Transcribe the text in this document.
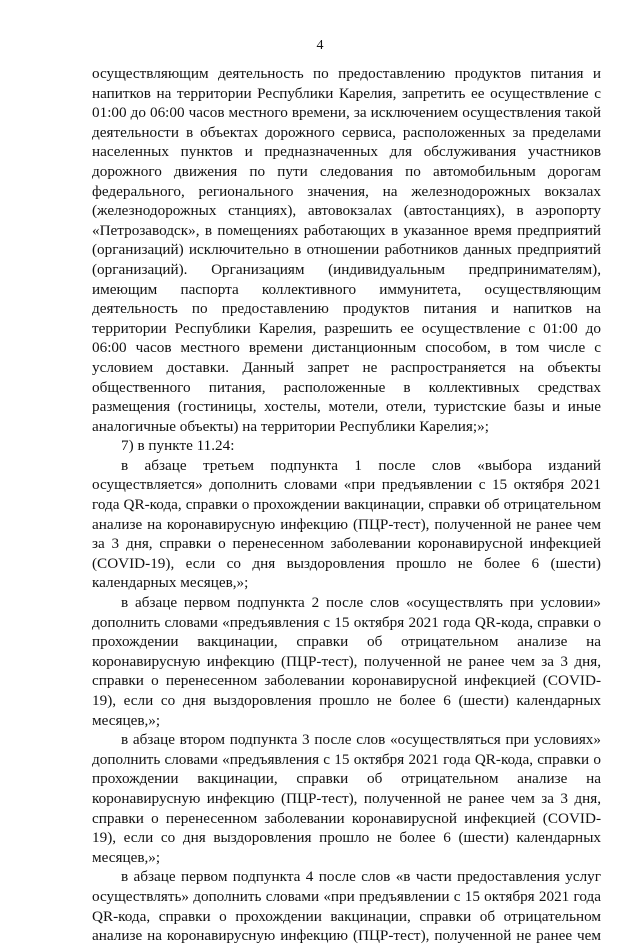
4

осуществляющим деятельность по предоставлению продуктов питания и напитков на территории Республики Карелия, запретить ее осуществление с 01:00 до 06:00 часов местного времени, за исключением осуществления такой деятельности в объектах дорожного сервиса, расположенных за пределами населенных пунктов и предназначенных для обслуживания участников дорожного движения по пути следования по автомобильным дорогам федерального, регионального значения, на железнодорожных вокзалах (железнодорожных станциях), автовокзалах (автостанциях), в аэропорту «Петрозаводск», в помещениях работающих в указанное время предприятий (организаций) исключительно в отношении работников данных предприятий (организаций). Организациям (индивидуальным предпринимателям), имеющим паспорта коллективного иммунитета, осуществляющим деятельность по предоставлению продуктов питания и напитков на территории Республики Карелия, разрешить ее осуществление с 01:00 до 06:00 часов местного времени дистанционным способом, в том числе с условием доставки. Данный запрет не распространяется на объекты общественного питания, расположенные в коллективных средствах размещения (гостиницы, хостелы, мотели, отели, туристские базы и иные аналогичные объекты) на территории Республики Карелия;»;

7) в пункте 11.24:

в абзаце третьем подпункта 1 после слов «выбора изданий осуществляется» дополнить словами «при предъявлении с 15 октября 2021 года QR-кода, справки о прохождении вакцинации, справки об отрицательном анализе на коронавирусную инфекцию (ПЦР-тест), полученной не ранее чем за 3 дня, справки о перенесенном заболевании коронавирусной инфекцией (COVID-19), если со дня выздоровления прошло не более 6 (шести) календарных месяцев,»;

в абзаце первом подпункта 2 после слов «осуществлять при условии» дополнить словами «предъявления с 15 октября 2021 года QR-кода, справки о прохождении вакцинации, справки об отрицательном анализе на коронавирусную инфекцию (ПЦР-тест), полученной не ранее чем за 3 дня, справки о перенесенном заболевании коронавирусной инфекцией (COVID-19), если со дня выздоровления прошло не более 6 (шести) календарных месяцев,»;

в абзаце втором подпункта 3 после слов «осуществляться при условиях» дополнить словами «предъявления с 15 октября 2021 года QR-кода, справки о прохождении вакцинации, справки об отрицательном анализе на коронавирусную инфекцию (ПЦР-тест), полученной не ранее чем за 3 дня, справки о перенесенном заболевании коронавирусной инфекцией (COVID-19), если со дня выздоровления прошло не более 6 (шести) календарных месяцев,»;

в абзаце первом подпункта 4 после слов «в части предоставления услуг осуществлять» дополнить словами «при предъявлении с 15 октября 2021 года QR-кода, справки о прохождении вакцинации, справки об отрицательном анализе на коронавирусную инфекцию (ПЦР-тест), полученной не ранее чем
